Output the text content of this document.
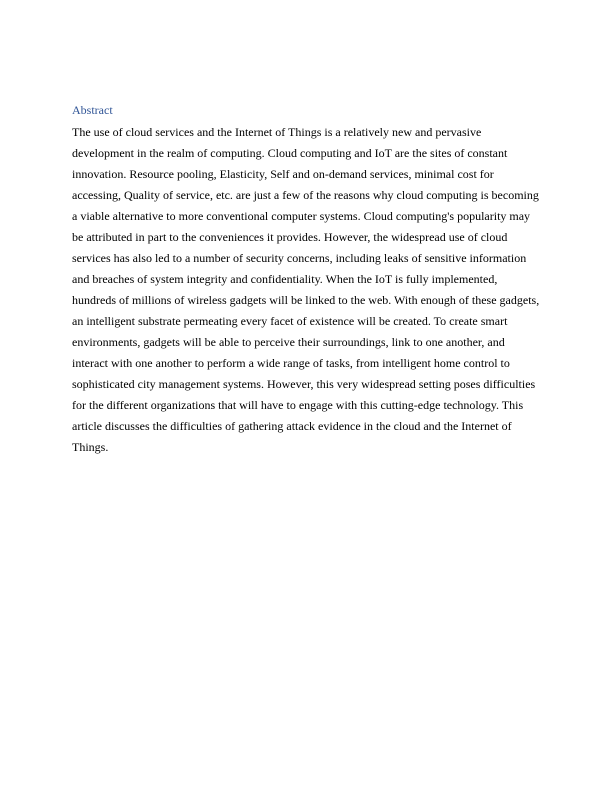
Abstract
The use of cloud services and the Internet of Things is a relatively new and pervasive
development in the realm of computing. Cloud computing and IoT are the sites of constant
innovation. Resource pooling, Elasticity, Self and on-demand services, minimal cost for
accessing, Quality of service, etc. are just a few of the reasons why cloud computing is becoming
a viable alternative to more conventional computer systems. Cloud computing's popularity may
be attributed in part to the conveniences it provides. However, the widespread use of cloud
services has also led to a number of security concerns, including leaks of sensitive information
and breaches of system integrity and confidentiality. When the IoT is fully implemented,
hundreds of millions of wireless gadgets will be linked to the web. With enough of these gadgets,
an intelligent substrate permeating every facet of existence will be created. To create smart
environments, gadgets will be able to perceive their surroundings, link to one another, and
interact with one another to perform a wide range of tasks, from intelligent home control to
sophisticated city management systems. However, this very widespread setting poses difficulties
for the different organizations that will have to engage with this cutting-edge technology. This
article discusses the difficulties of gathering attack evidence in the cloud and the Internet of
Things.
